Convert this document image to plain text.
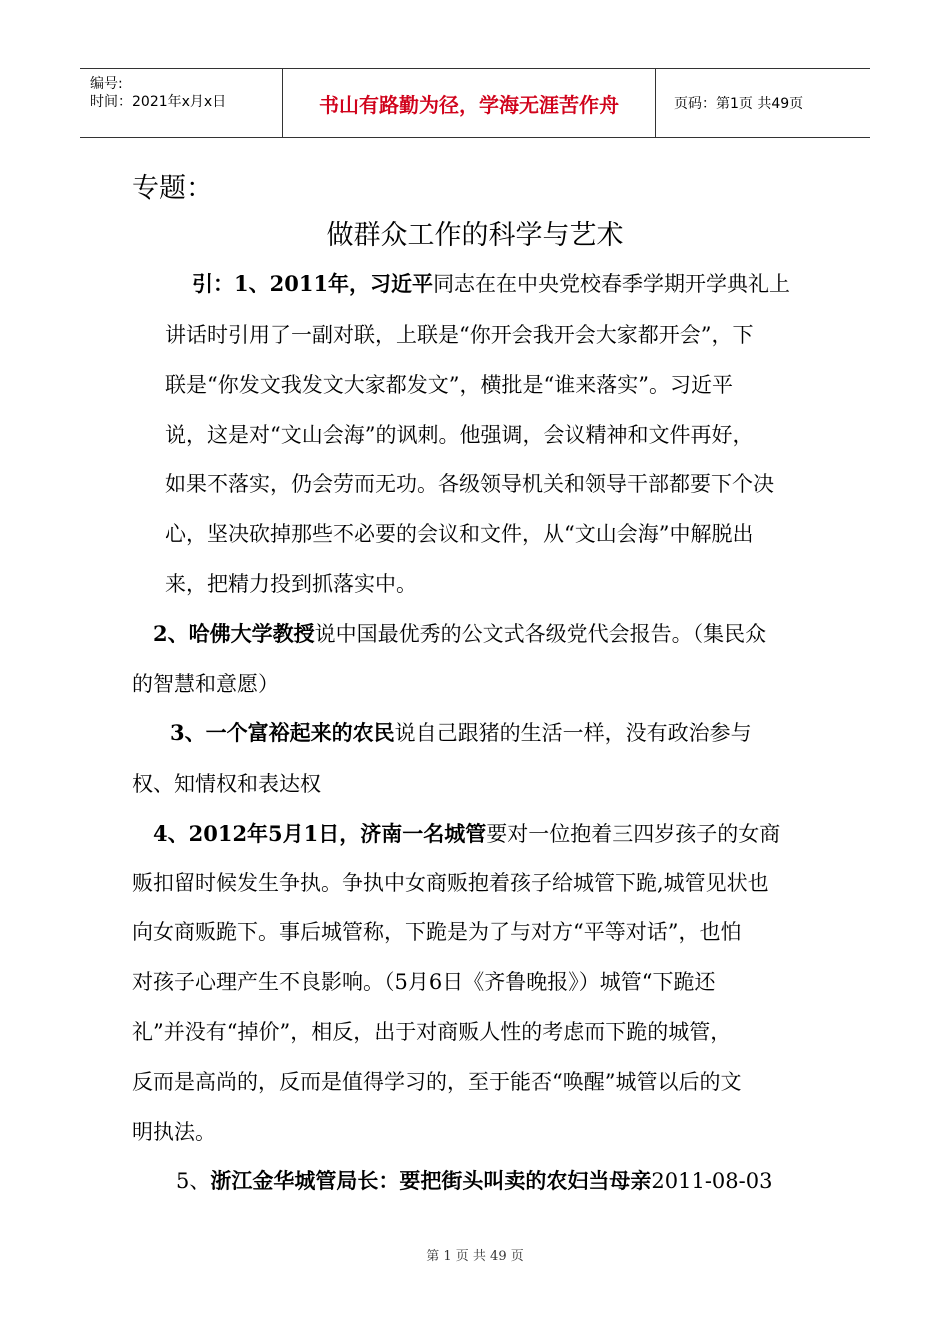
编号:
时间：2021年x月x日	书山有路勤为径，学海无涯苦作舟	页码：第1页 共49页
专题：
做群众工作的科学与艺术
引：1、2011年，习近平同志在在中央党校春季学期开学典礼上
讲话时引用了一副对联，上联是“你开会我开会大家都开会”，下
联是“你发文我发文大家都发文”，横批是“谁来落实”。习近平
说，这是对“文山会海”的讽刺。他强调，会议精神和文件再好，
如果不落实，仍会劳而无功。各级领导机关和领导干部都要下个决
心，坚决砍掉那些不必要的会议和文件，从“文山会海”中解脱出
来，把精力投到抓落实中。
2、哈佛大学教授说中国最优秀的公文式各级党代会报告。（集民众
的智慧和意愿）
3、一个富裕起来的农民说自己跟猪的生活一样，没有政治参与
权、知情权和表达权
4、2012年5月1日，济南一名城管要对一位抱着三四岁孩子的女商
贩扣留时候发生争执。争执中女商贩抱着孩子给城管下跪,城管见状也
向女商贩跪下。事后城管称，下跪是为了与对方“平等对话”，也怕
对孩子心理产生不良影响。（5月6日《齐鲁晚报》）城管“下跪还
礼”并没有“掉价”，相反，出于对商贩人性的考虑而下跪的城管，
反而是高尚的，反而是值得学习的，至于能否“唤醒”城管以后的文
明执法。
5、浙江金华城管局长：要把街头叫卖的农妇当母亲2011-08-03
第 1 页 共 49 页
